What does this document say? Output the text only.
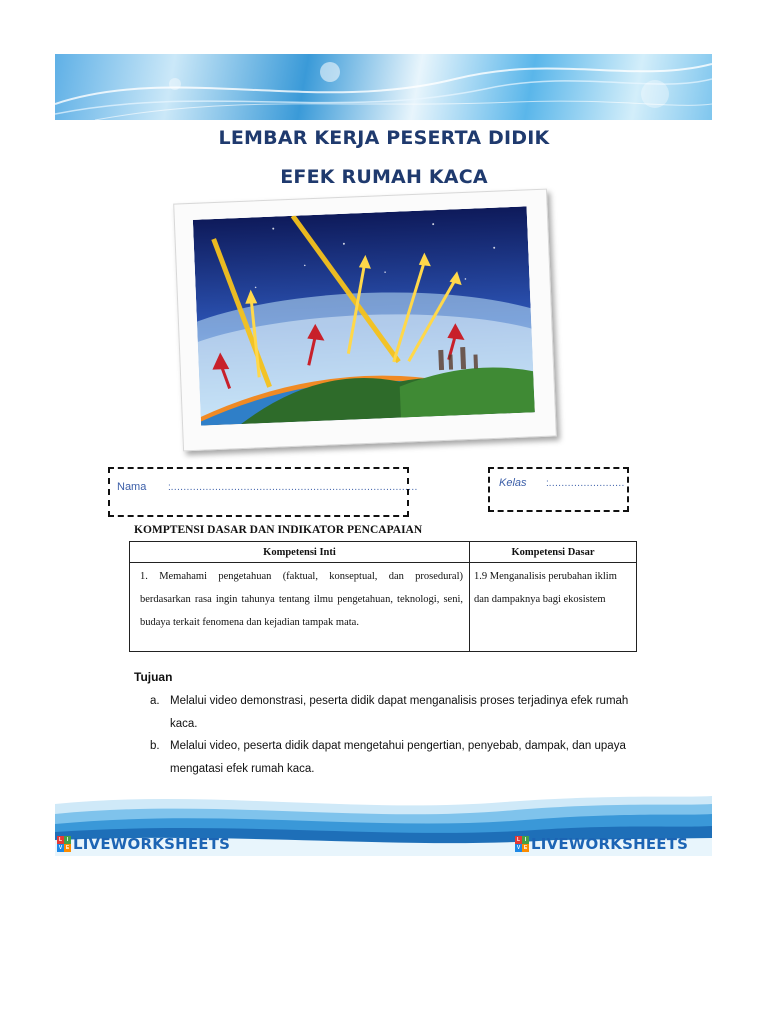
LEMBAR KERJA PESERTA DIDIK
EFEK RUMAH KACA
Nama :……………………………………………………………………	Kelas :……………………
KOMPTENSI DASAR DAN INDIKATOR PENCAPAIAN
Kompetensi Inti	Kompetensi Dasar

1. Memahami pengetahuan (faktual, konseptual, dan prosedural) berdasarkan rasa ingin tahunya tentang ilmu pengetahuan, teknologi, seni, budaya terkait fenomena dan kejadian tampak mata.	1.9 Menganalisis perubahan iklim dan dampaknya bagi ekosistem

Tujuan
a. Melalui video demonstrasi, peserta didik dapat menganalisis proses terjadinya efek rumah kaca.
b. Melalui video, peserta didik dapat mengetahui pengertian, penyebab, dampak, dan upaya mengatasi efek rumah kaca.
L I
V E LIVEWORKSHEETS	L I
V E LIVEWORKSHEETS
